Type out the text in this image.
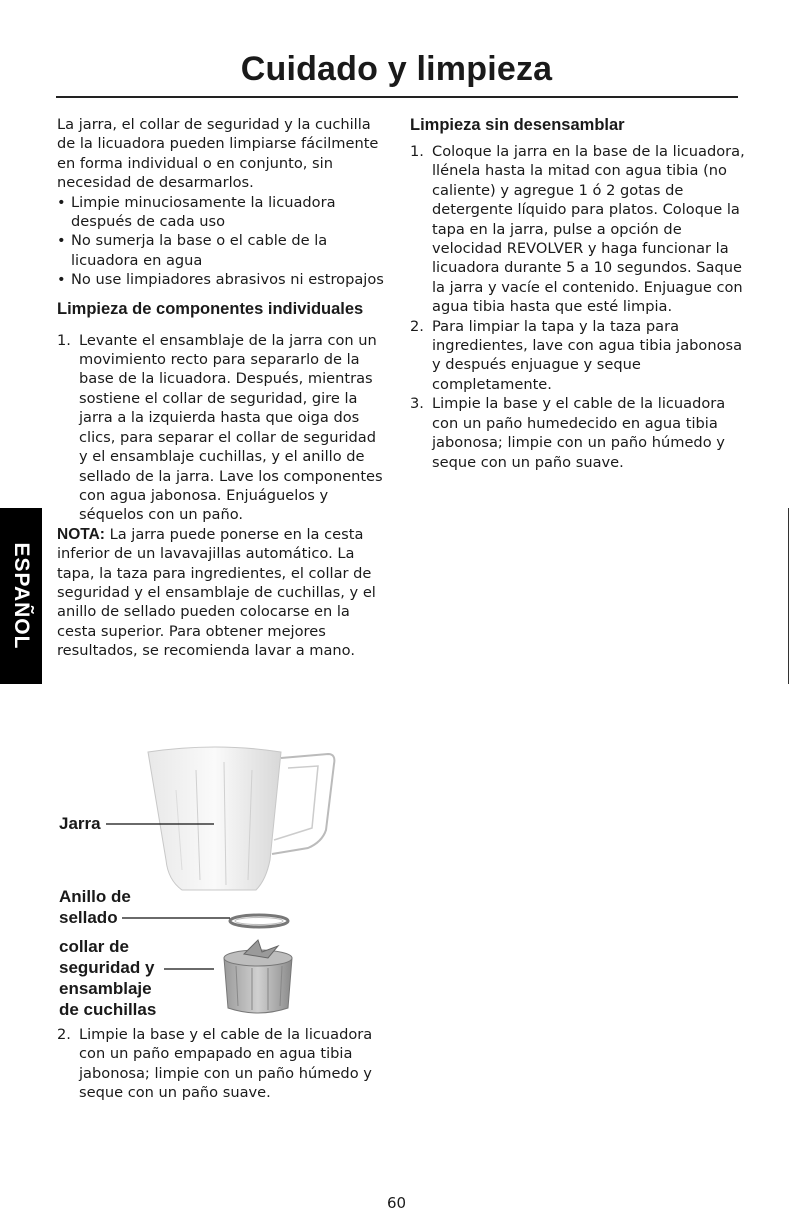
Cuidado y limpieza

La jarra, el collar de seguridad y la cuchilla de la licuadora pueden limpiarse fácilmente en forma individual o en conjunto, sin necesidad de desarmarlos.

• Limpie minuciosamente la licuadora después de cada uso
• No sumerja la base o el cable de la licuadora en agua
• No use limpiadores abrasivos ni estropajos
Limpieza de componentes individuales
1. Levante el ensamblaje de la jarra con un movimiento recto para separarlo de la base de la licuadora. Después, mientras sostiene el collar de seguridad, gire la jarra a la izquierda hasta que oiga dos clics, para separar el collar de seguridad y el ensamblaje cuchillas, y el anillo de sellado de la jarra. Lave los componentes con agua jabonosa. Enjuáguelos y séquelos con un paño.

NOTA: La jarra puede ponerse en la cesta inferior de un lavavajillas automático. La tapa, la taza para ingredientes, el collar de seguridad y el ensamblaje de cuchillas, y el anillo de sellado pueden colocarse en la cesta superior. Para obtener mejores resultados, se recomienda lavar a mano.

Limpieza sin desensamblar
1. Coloque la jarra en la base de la licuadora, llénela hasta la mitad con agua tibia (no caliente) y agregue 1 ó 2 gotas de detergente líquido para platos. Coloque la tapa en la jarra, pulse a opción de velocidad REVOLVER y haga funcionar la licuadora durante 5 a 10 segundos. Saque la jarra y vacíe el contenido. Enjuague con agua tibia hasta que esté limpia.
2. Para limpiar la tapa y la taza para ingredientes, lave con agua tibia jabonosa y después enjuague y seque completamente.
3. Limpie la base y el cable de la licuadora con un paño humedecido en agua tibia jabonosa; limpie con un paño húmedo y seque con un paño suave.
ESPAÑOL
Jarra
Anillo de sellado
collar de seguridad y ensamblaje de cuchillas
2. Limpie la base y el cable de la licuadora con un paño empapado en agua tibia jabonosa; limpie con un paño húmedo y seque con un paño suave.
60
